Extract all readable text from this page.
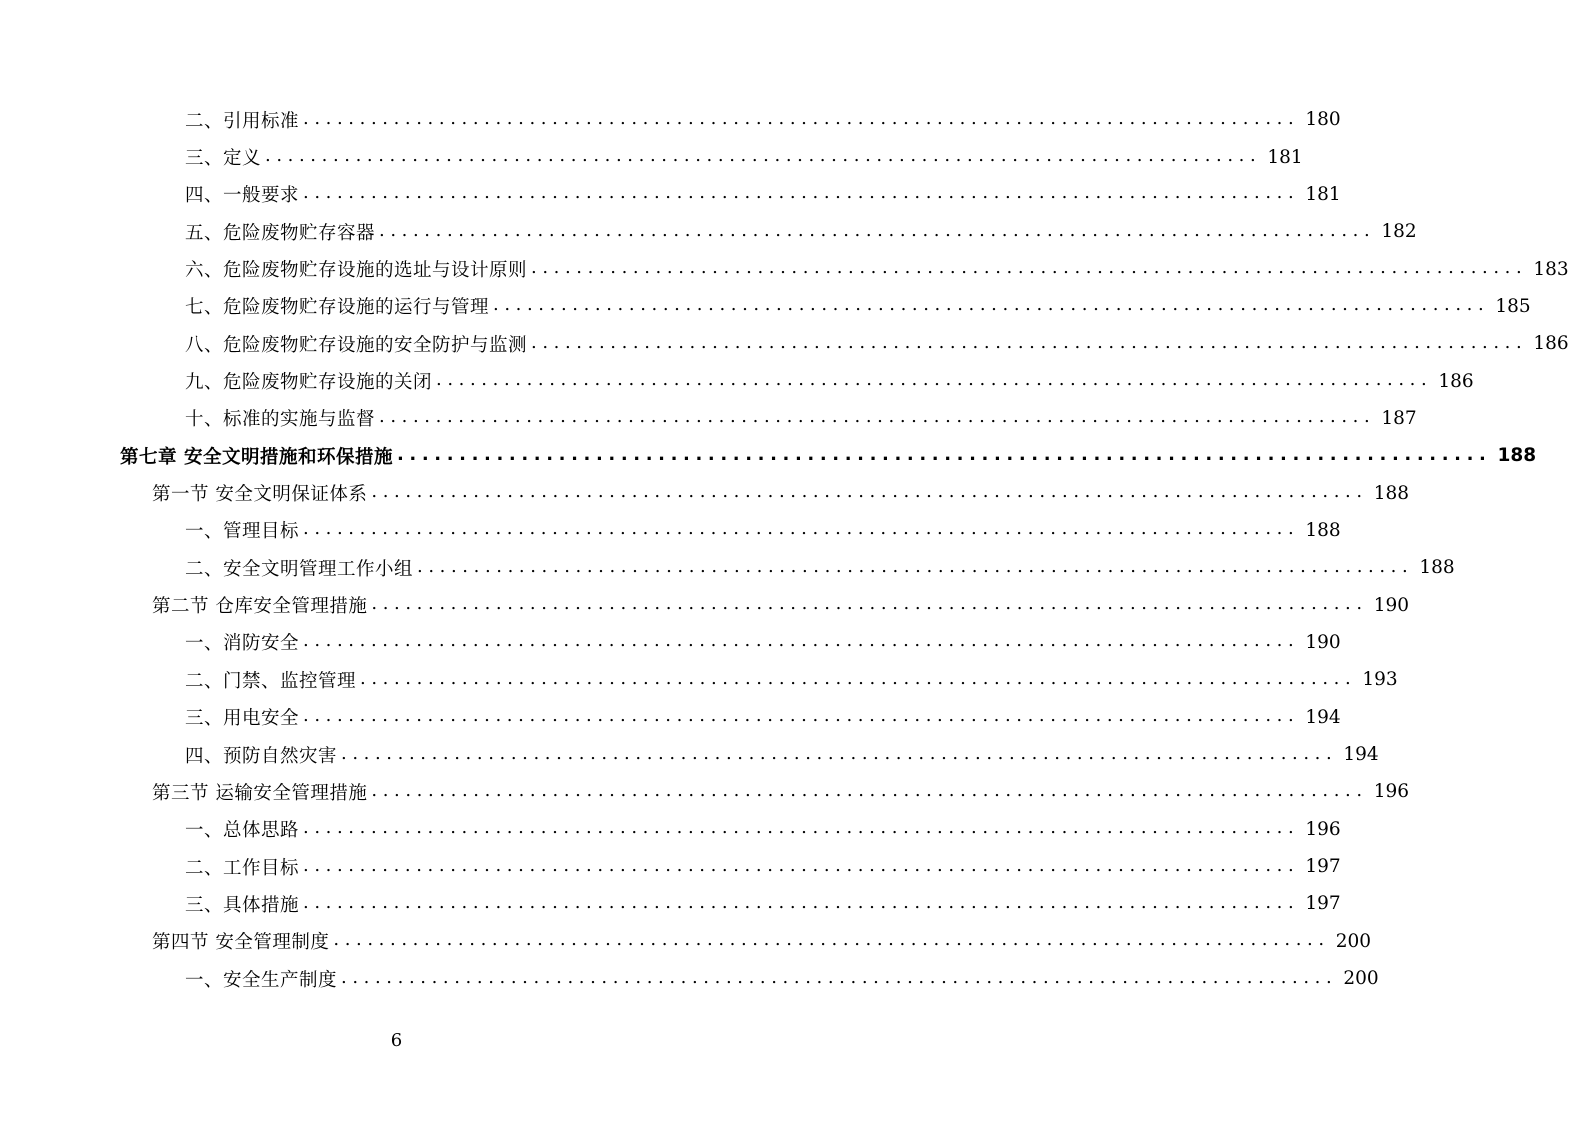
二、引用标准 ........................................................................................ 180
三、定义 ........................................................................................ 181
四、一般要求 ........................................................................................ 181
五、危险废物贮存容器 ........................................................................................ 182
六、危险废物贮存设施的选址与设计原则 ........................................................................................ 183
七、危险废物贮存设施的运行与管理 ........................................................................................ 185
八、危险废物贮存设施的安全防护与监测 ........................................................................................ 186
九、危险废物贮存设施的关闭 ........................................................................................ 186
十、标准的实施与监督 ........................................................................................ 187
第七章 安全文明措施和环保措施 ........................................................................................ 188
第一节 安全文明保证体系 ........................................................................................ 188
一、管理目标 ........................................................................................ 188
二、安全文明管理工作小组 ........................................................................................ 188
第二节 仓库安全管理措施 ........................................................................................ 190
一、消防安全 ........................................................................................ 190
二、门禁、监控管理 ........................................................................................ 193
三、用电安全 ........................................................................................ 194
四、预防自然灾害 ........................................................................................ 194
第三节 运输安全管理措施 ........................................................................................ 196
一、总体思路 ........................................................................................ 196
二、工作目标 ........................................................................................ 197
三、具体措施 ........................................................................................ 197
第四节 安全管理制度 ........................................................................................ 200
一、安全生产制度 ........................................................................................ 200
6
